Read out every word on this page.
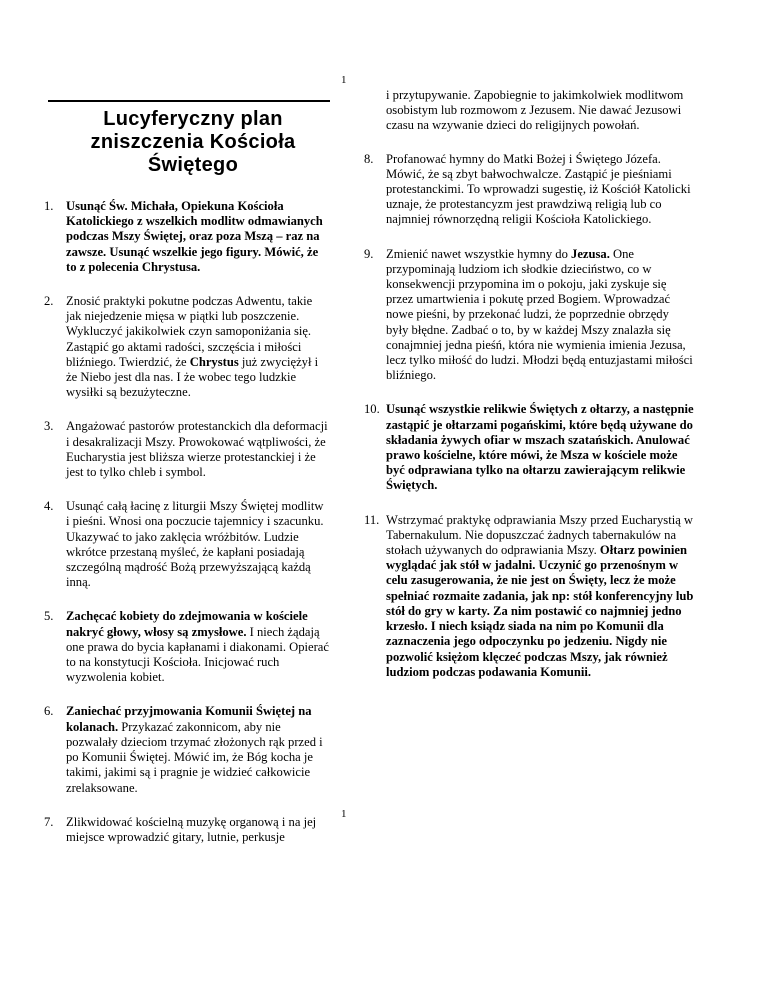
1
Lucyferyczny plan
zniszczenia Kościoła
Świętego
1. Usunąć Św. Michała, Opiekuna Kościoła Katolickiego z wszelkich modlitw odmawianych podczas Mszy Świętej, oraz poza Mszą – raz na zawsze. Usunąć wszelkie jego figury. Mówić, że to z polecenia Chrystusa.
2. Znosić praktyki pokutne podczas Adwentu, takie jak niejedzenie mięsa w piątki lub poszczenie. Wykluczyć jakikolwiek czyn samoponiżania się. Zastąpić go aktami radości, szczęścia i miłości bliźniego. Twierdzić, że Chrystus już zwyciężył i że Niebo jest dla nas. I że wobec tego ludzkie wysiłki są bezużyteczne.
3. Angażować pastorów protestanckich dla deformacji i desakralizacji Mszy. Prowokować wątpliwości, że Eucharystia jest bliższa wierze protestanckiej i że jest to tylko chleb i symbol.
4. Usunąć całą łacinę z liturgii Mszy Świętej modlitw i pieśni. Wnosi ona poczucie tajemnicy i szacunku. Ukazywać to jako zaklęcia wróżbitów. Ludzie wkrótce przestaną myśleć, że kapłani posiadają szczególną mądrość Bożą przewyższającą każdą inną.
5. Zachęcać kobiety do zdejmowania w kościele nakryć głowy, włosy są zmysłowe. I niech żądają one prawa do bycia kapłanami i diakonami. Opierać to na konstytucji Kościoła. Inicjować ruch wyzwolenia kobiet.
6. Zaniechać przyjmowania Komunii Świętej na kolanach. Przykazać zakonnicom, aby nie pozwalały dzieciom trzymać złożonych rąk przed i po Komunii Świętej. Mówić im, że Bóg kocha je takimi, jakimi są i pragnie je widzieć całkowicie zrelaksowane.
7. Zlikwidować kościelną muzykę organową i na jej miejsce wprowadzić gitary, lutnie, perkusje
i przytupywanie. Zapobiegnie to jakimkolwiek modlitwom osobistym lub rozmowom z Jezusem. Nie dawać Jezusowi czasu na wzywanie dzieci do religijnych powołań.
8. Profanować hymny do Matki Bożej i Świętego Józefa. Mówić, że są zbyt bałwochwalcze. Zastąpić je pieśniami protestanckimi. To wprowadzi sugestię, iż Kościół Katolicki uznaje, że protestancyzm jest prawdziwą religią lub co najmniej równorzędną religii Kościoła Katolickiego.
9. Zmienić nawet wszystkie hymny do Jezusa. One przypominają ludziom ich słodkie dzieciństwo, co w konsekwencji przypomina im o pokoju, jaki zyskuje się przez umartwienia i pokutę przed Bogiem. Wprowadzać nowe pieśni, by przekonać ludzi, że poprzednie obrzędy były błędne. Zadbać o to, by w każdej Mszy znalazła się conajmniej jedna pieśń, która nie wymienia imienia Jezusa, lecz tylko miłość do ludzi. Młodzi będą entuzjastami miłości bliźniego.
10. Usunąć wszystkie relikwie Świętych z ołtarzy, a następnie zastąpić je ołtarzami pogańskimi, które będą używane do składania żywych ofiar w mszach szatańskich. Anulować prawo kościelne, które mówi, że Msza w kościele może być odprawiana tylko na ołtarzu zawierającym relikwie Świętych.
11. Wstrzymać praktykę odprawiania Mszy przed Eucharystią w Tabernakulum. Nie dopuszczać żadnych tabernakulów na stołach używanych do odprawiania Mszy. Ołtarz powinien wyglądać jak stół w jadalni. Uczynić go przenośnym w celu zasugerowania, że nie jest on Święty, lecz że może spełniać rozmaite zadania, jak np: stół konferencyjny lub stół do gry w karty. Za nim postawić co najmniej jedno krzesło. I niech ksiądz siada na nim po Komunii dla zaznaczenia jego odpoczynku po jedzeniu. Nigdy nie pozwolić księżom klęczeć podczas Mszy, jak również ludziom podczas podawania Komunii.
1
